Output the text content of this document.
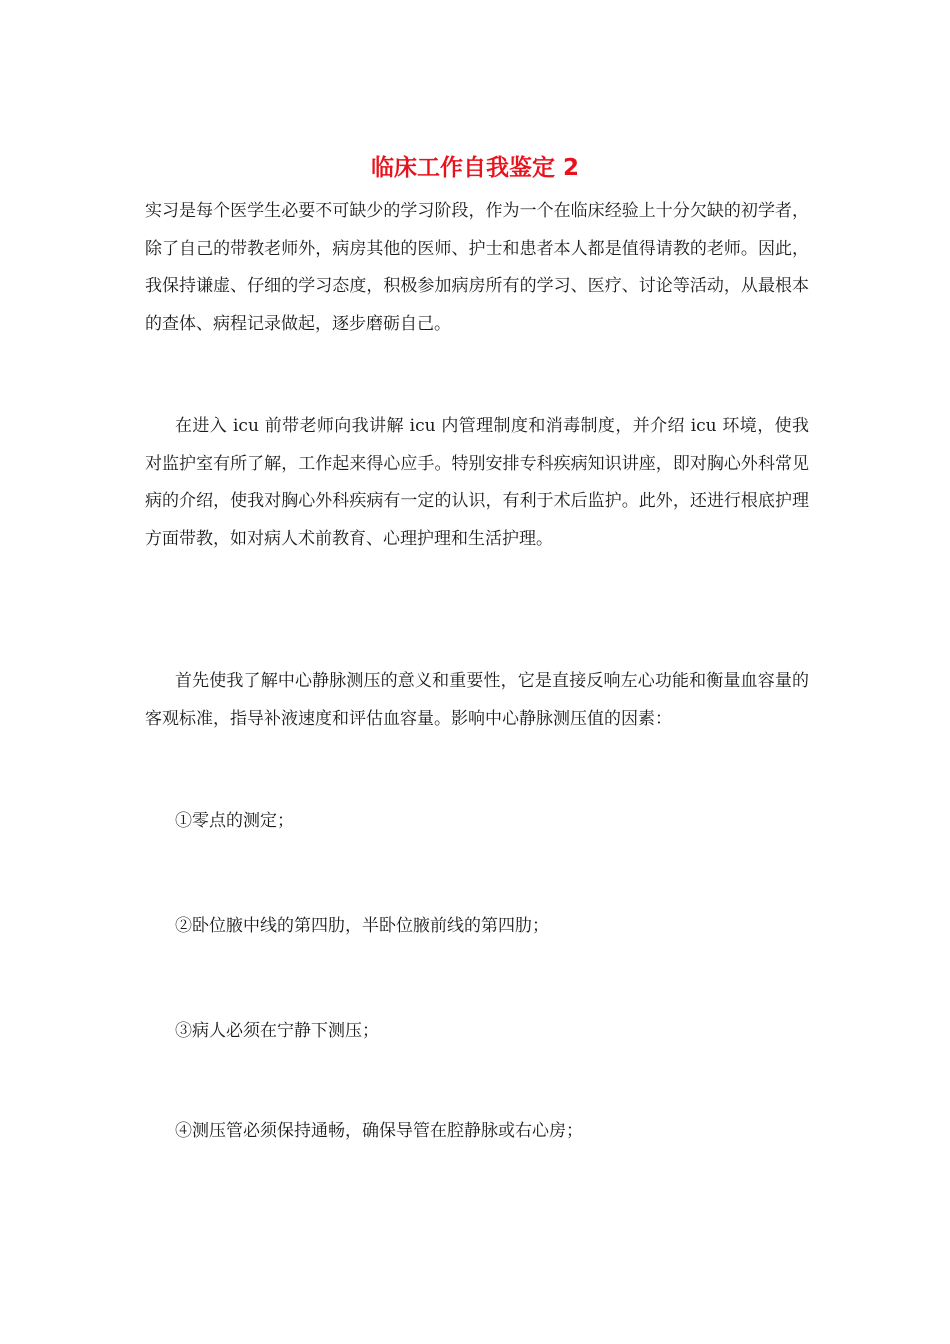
临床工作自我鉴定 2

实习是每个医学生必要不可缺少的学习阶段，作为一个在临床经验上十分欠缺的初学者，除了自己的带教老师外，病房其他的医师、护士和患者本人都是值得请教的老师。因此，我保持谦虚、仔细的学习态度，积极参加病房所有的学习、医疗、讨论等活动，从最根本的查体、病程记录做起，逐步磨砺自己。

在进入 icu 前带老师向我讲解 icu 内管理制度和消毒制度，并介绍 icu 环境，使我对监护室有所了解，工作起来得心应手。特别安排专科疾病知识讲座，即对胸心外科常见病的介绍，使我对胸心外科疾病有一定的认识，有利于术后监护。此外，还进行根底护理方面带教，如对病人术前教育、心理护理和生活护理。

首先使我了解中心静脉测压的意义和重要性，它是直接反响左心功能和衡量血容量的客观标准，指导补液速度和评估血容量。影响中心静脉测压值的因素：

①零点的测定；

②卧位腋中线的第四肋，半卧位腋前线的第四肋；

③病人必须在宁静下测压；

④测压管必须保持通畅，确保导管在腔静脉或右心房；
